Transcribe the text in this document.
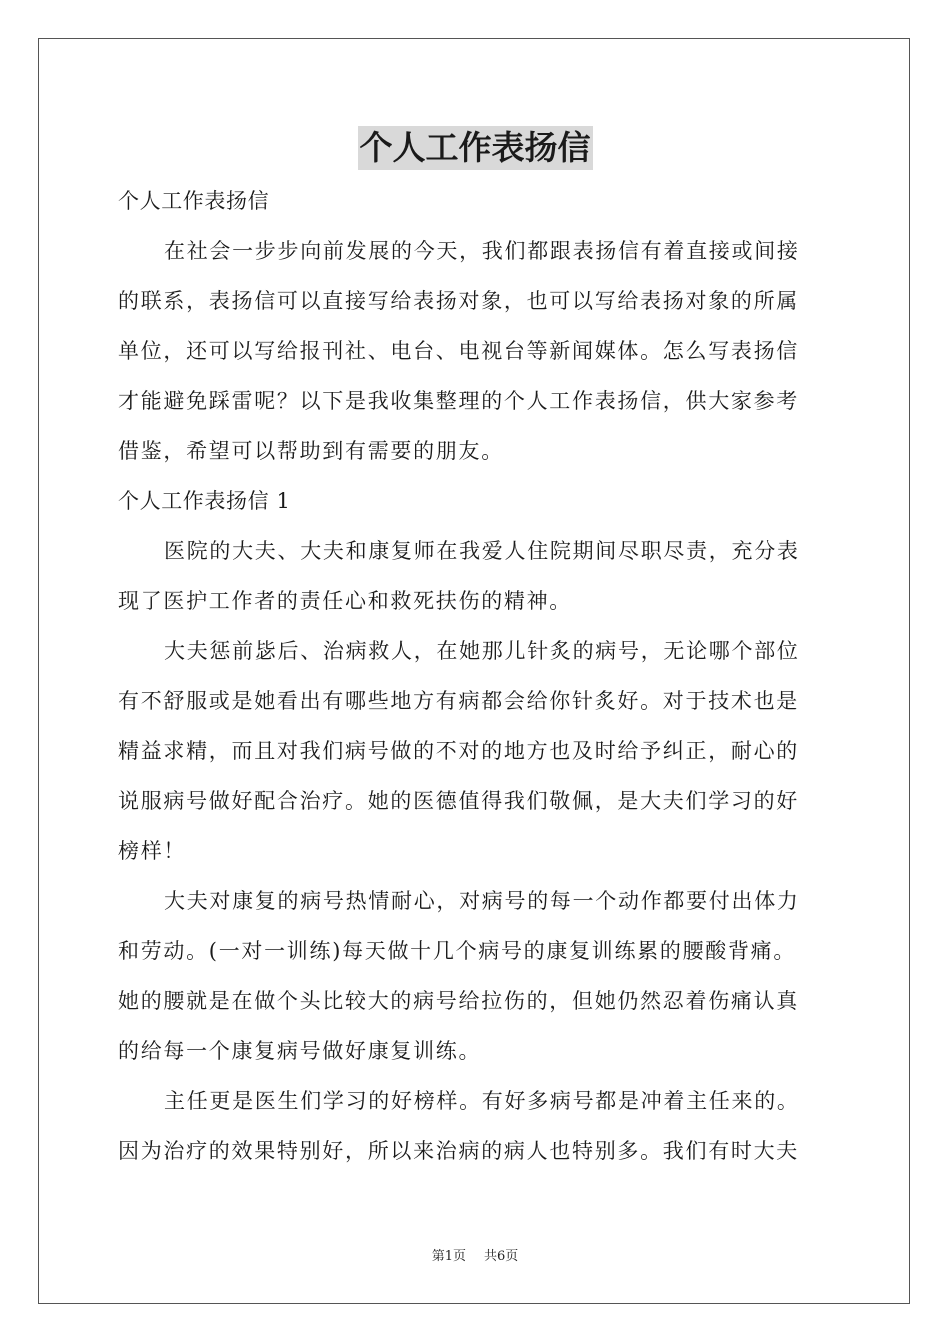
个人工作表扬信
个人工作表扬信
在社会一步步向前发展的今天，我们都跟表扬信有着直接或间接
的联系，表扬信可以直接写给表扬对象，也可以写给表扬对象的所属
单位，还可以写给报刊社、电台、电视台等新闻媒体。怎么写表扬信
才能避免踩雷呢？以下是我收集整理的个人工作表扬信，供大家参考
借鉴，希望可以帮助到有需要的朋友。
个人工作表扬信 1
医院的大夫、大夫和康复师在我爱人住院期间尽职尽责，充分表
现了医护工作者的责任心和救死扶伤的精神。
大夫惩前毖后、治病救人，在她那儿针炙的病号，无论哪个部位
有不舒服或是她看出有哪些地方有病都会给你针炙好。对于技术也是
精益求精，而且对我们病号做的不对的地方也及时给予纠正，耐心的
说服病号做好配合治疗。她的医德值得我们敬佩，是大夫们学习的好
榜样！
大夫对康复的病号热情耐心，对病号的每一个动作都要付出体力
和劳动。(一对一训练)每天做十几个病号的康复训练累的腰酸背痛。
她的腰就是在做个头比较大的病号给拉伤的，但她仍然忍着伤痛认真
的给每一个康复病号做好康复训练。
主任更是医生们学习的好榜样。有好多病号都是冲着主任来的。
因为治疗的效果特别好，所以来治病的病人也特别多。我们有时大夫
第1页 共6页
